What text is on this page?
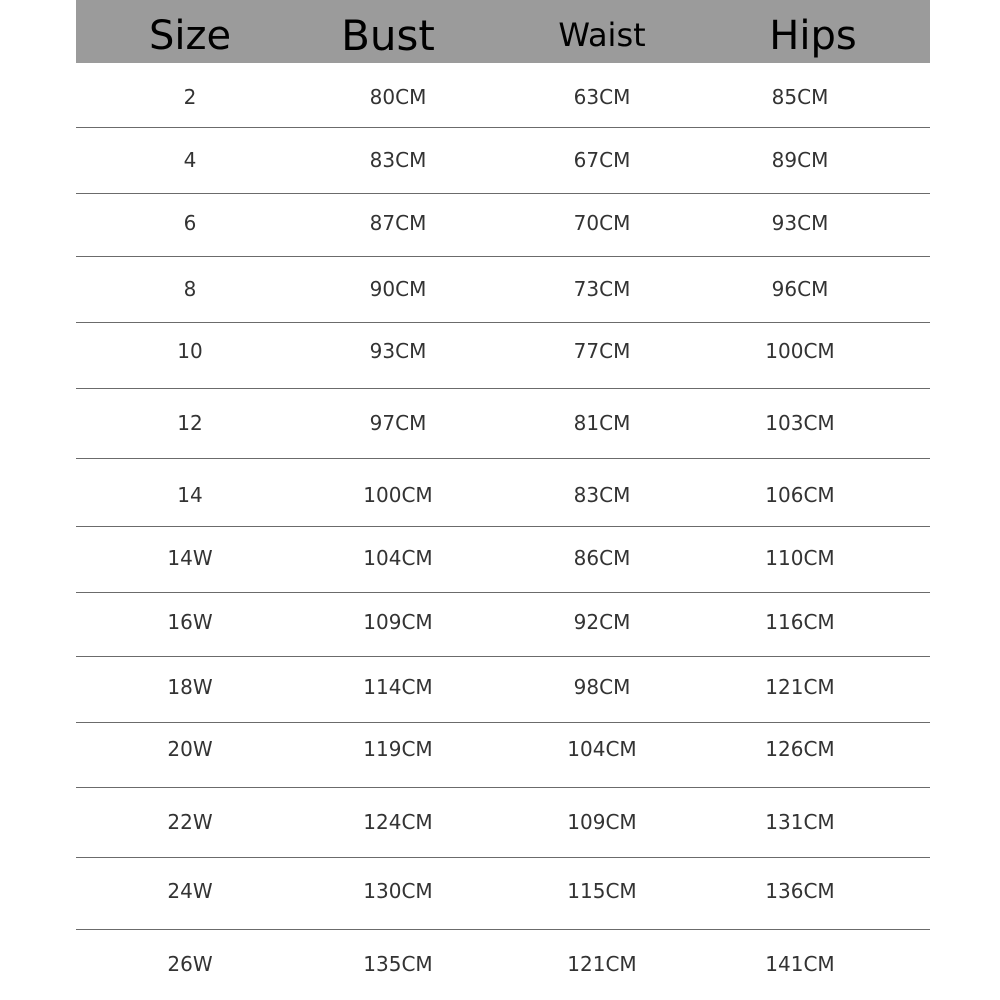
Size	Bust	Waist	Hips
2	80CM	63CM	85CM
4	83CM	67CM	89CM
6	87CM	70CM	93CM
8	90CM	73CM	96CM
10	93CM	77CM	100CM
12	97CM	81CM	103CM
14	100CM	83CM	106CM
14W	104CM	86CM	110CM
16W	109CM	92CM	116CM
18W	114CM	98CM	121CM
20W	119CM	104CM	126CM
22W	124CM	109CM	131CM
24W	130CM	115CM	136CM
26W	135CM	121CM	141CM
